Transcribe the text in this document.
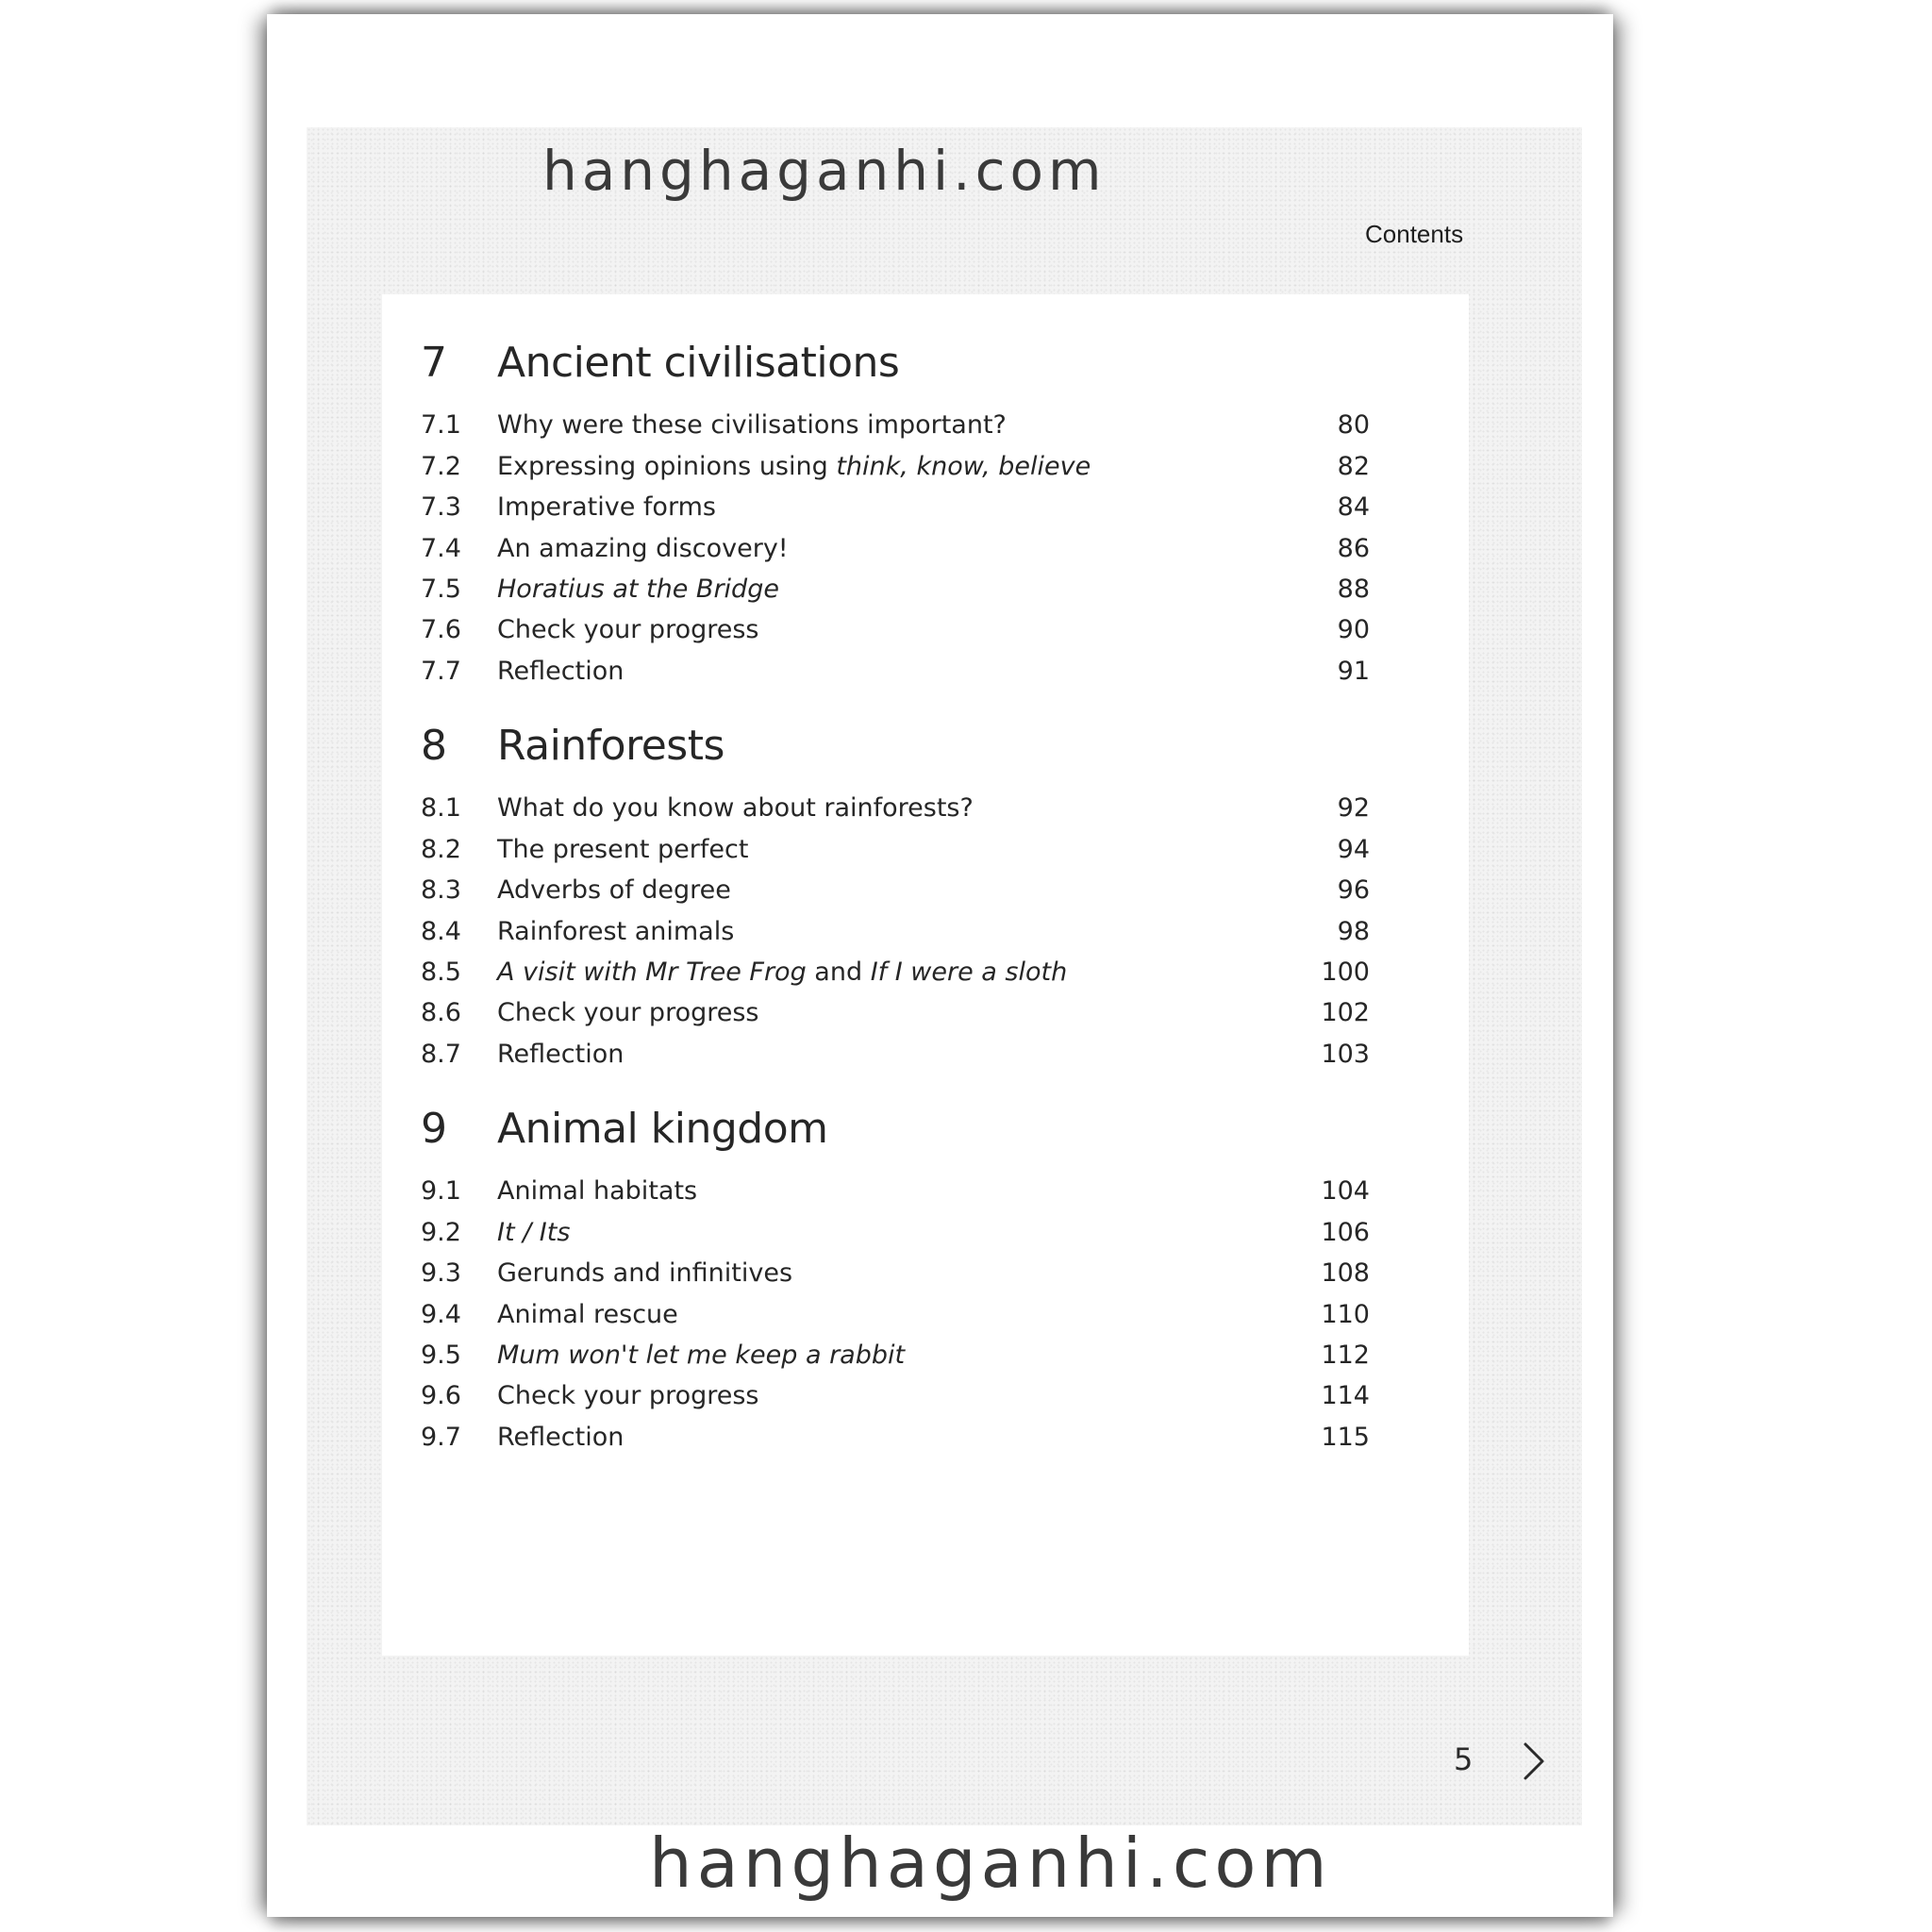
hanghaganhi.com
Contents
7 Ancient civilisations
7.1 Why were these civilisations important?	80
7.2 Expressing opinions using think, know, believe	82
7.3 Imperative forms	84
7.4 An amazing discovery!	86
7.5 Horatius at the Bridge	88
7.6 Check your progress	90
7.7 Reflection	91
8 Rainforests
8.1 What do you know about rainforests?	92
8.2 The present perfect	94
8.3 Adverbs of degree	96
8.4 Rainforest animals	98
8.5 A visit with Mr Tree Frog and If I were a sloth	100
8.6 Check your progress	102
8.7 Reflection	103
9 Animal kingdom
9.1 Animal habitats	104
9.2 It / Its	106
9.3 Gerunds and infinitives	108
9.4 Animal rescue	110
9.5 Mum won't let me keep a rabbit	112
9.6 Check your progress	114
9.7 Reflection	115
5
hanghaganhi.com
